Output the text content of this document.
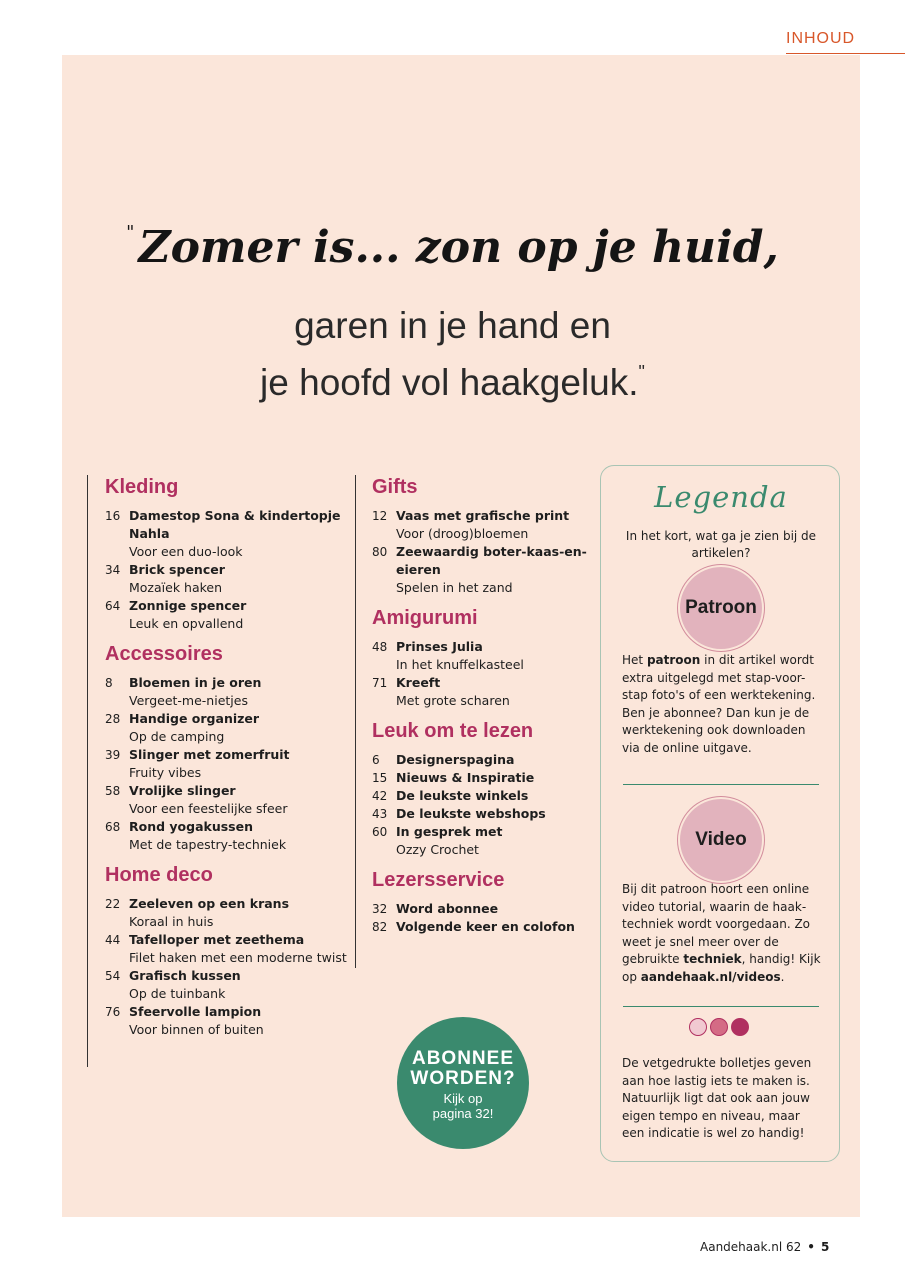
INHOUD
"Zomer is... zon op je huid,
garen in je hand en
je hoofd vol haakgeluk."
Kleding
16 Damestop Sona & kindertopje Nahla
Voor een duo-look
34 Brick spencer
Mozaïek haken
64 Zonnige spencer
Leuk en opvallend
Accessoires
8 Bloemen in je oren
Vergeet-me-nietjes
28 Handige organizer
Op de camping
39 Slinger met zomerfruit
Fruity vibes
58 Vrolijke slinger
Voor een feestelijke sfeer
68 Rond yogakussen
Met de tapestry-techniek
Home deco
22 Zeeleven op een krans
Koraal in huis
44 Tafelloper met zeethema
Filet haken met een moderne twist
54 Grafisch kussen
Op de tuinbank
76 Sfeervolle lampion
Voor binnen of buiten
Gifts
12 Vaas met grafische print
Voor (droog)bloemen
80 Zeewaardig boter-kaas-en-eieren
Spelen in het zand
Amigurumi
48 Prinses Julia
In het knuffelkasteel
71 Kreeft
Met grote scharen
Leuk om te lezen
6 Designerspagina
15 Nieuws & Inspiratie
42 De leukste winkels
43 De leukste webshops
60 In gesprek met
Ozzy Crochet
Lezersservice
32 Word abonnee
82 Volgende keer en colofon
ABONNEE
WORDEN?
Kijk op
pagina 32!
Legenda
In het kort, wat ga je zien bij de artikelen?
Patroon
Het patroon in dit artikel wordt extra uitgelegd met stap-voor-stap foto's of een werktekening. Ben je abonnee? Dan kun je de werktekening ook downloaden via de online uitgave.
Video
Bij dit patroon hoort een online video tutorial, waarin de haak-techniek wordt voorgedaan. Zo weet je snel meer over de gebruikte techniek, handig! Kijk op aandehaak.nl/videos.
De vetgedrukte bolletjes geven aan hoe lastig iets te maken is. Natuurlijk ligt dat ook aan jouw eigen tempo en niveau, maar een indicatie is wel zo handig!
Aandehaak.nl 62 • 5
